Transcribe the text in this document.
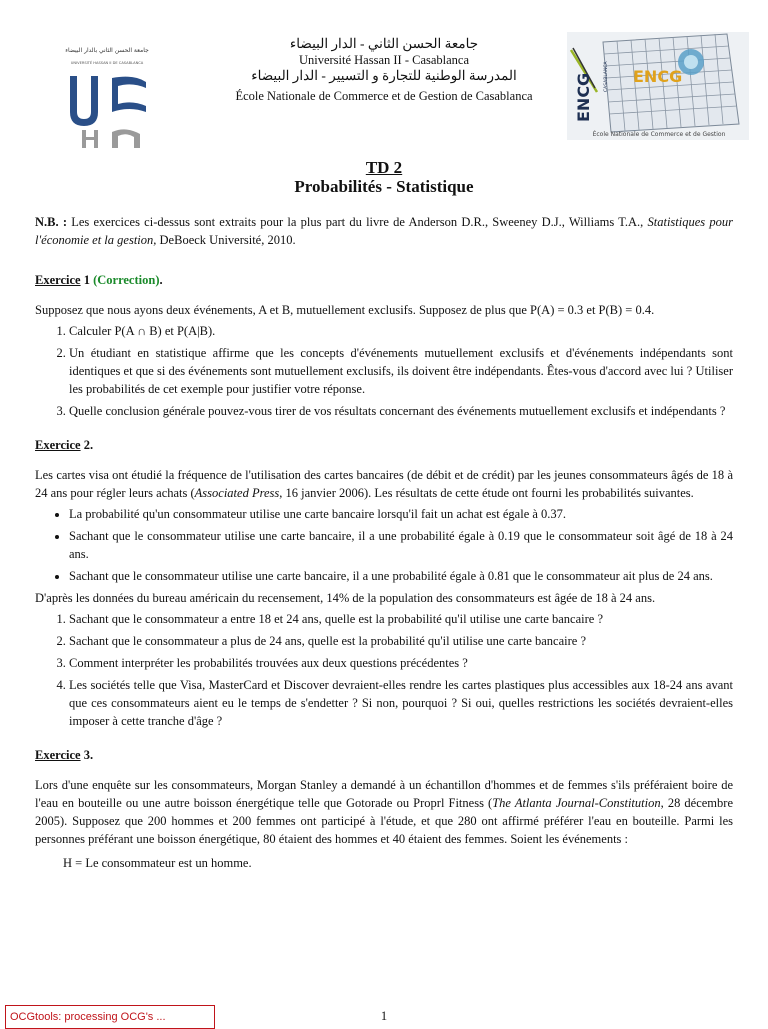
جامعة الحسن الثاني بالدار البيضاء
UNIVERSITÉ HASSAN II DE CASABLANCA
جامعة الحسن الثاني - الدار البيضاء
Université Hassan II - Casablanca
المدرسة الوطنية للتجارة و التسيير - الدار البيضاء
École Nationale de Commerce et de Gestion de Casablanca
ENCG
ENCG CASABLANCA
École Nationale de Commerce et de Gestion
TD 2
Probabilités - Statistique

N.B. : Les exercices ci-dessus sont extraits pour la plus part du livre de Anderson D.R., Sweeney D.J., Williams T.A., Statistiques pour l'économie et la gestion, DeBoeck Université, 2010.

Exercice 1 (Correction).

Supposez que nous ayons deux événements, A et B, mutuellement exclusifs. Supposez de plus que P(A) = 0.3 et P(B) = 0.4.

1. Calculer P(A ∩ B) et P(A|B).
2. Un étudiant en statistique affirme que les concepts d'événements mutuellement exclusifs et d'événements indépendants sont identiques et que si des événements sont mutuellement exclusifs, ils doivent être indépendants. Êtes-vous d'accord avec lui ? Utiliser les probabilités de cet exemple pour justifier votre réponse.
3. Quelle conclusion générale pouvez-vous tirer de vos résultats concernant des événements mutuellement exclusifs et indépendants ?
Exercice 2.

Les cartes visa ont étudié la fréquence de l'utilisation des cartes bancaires (de débit et de crédit) par les jeunes consommateurs âgés de 18 à 24 ans pour régler leurs achats (Associated Press, 16 janvier 2006). Les résultats de cette étude ont fourni les probabilités suivantes.

• La probabilité qu'un consommateur utilise une carte bancaire lorsqu'il fait un achat est égale à 0.37.
• Sachant que le consommateur utilise une carte bancaire, il a une probabilité égale à 0.19 que le consommateur soit âgé de 18 à 24 ans.
• Sachant que le consommateur utilise une carte bancaire, il a une probabilité égale à 0.81 que le consommateur ait plus de 24 ans.

D'après les données du bureau américain du recensement, 14% de la population des consommateurs est âgée de 18 à 24 ans.

1. Sachant que le consommateur a entre 18 et 24 ans, quelle est la probabilité qu'il utilise une carte bancaire ?
2. Sachant que le consommateur a plus de 24 ans, quelle est la probabilité qu'il utilise une carte bancaire ?
3. Comment interpréter les probabilités trouvées aux deux questions précédentes ?
4. Les sociétés telle que Visa, MasterCard et Discover devraient-elles rendre les cartes plastiques plus accessibles aux 18-24 ans avant que ces consommateurs aient eu le temps de s'endetter ? Si non, pourquoi ? Si oui, quelles restrictions les sociétés devraient-elles imposer à cette tranche d'âge ?
Exercice 3.

Lors d'une enquête sur les consommateurs, Morgan Stanley a demandé à un échantillon d'hommes et de femmes s'ils préféraient boire de l'eau en bouteille ou une autre boisson énergétique telle que Gotorade ou Proprl Fitness (The Atlanta Journal-Constitution, 28 décembre 2005). Supposez que 200 hommes et 200 femmes ont participé à l'étude, et que 280 ont affirmé préférer l'eau en bouteille. Parmi les personnes préférant une boisson énergétique, 80 étaient des hommes et 40 étaient des femmes. Soient les événements :

H = Le consommateur est un homme.

OCGtools: processing OCG's ...	1
